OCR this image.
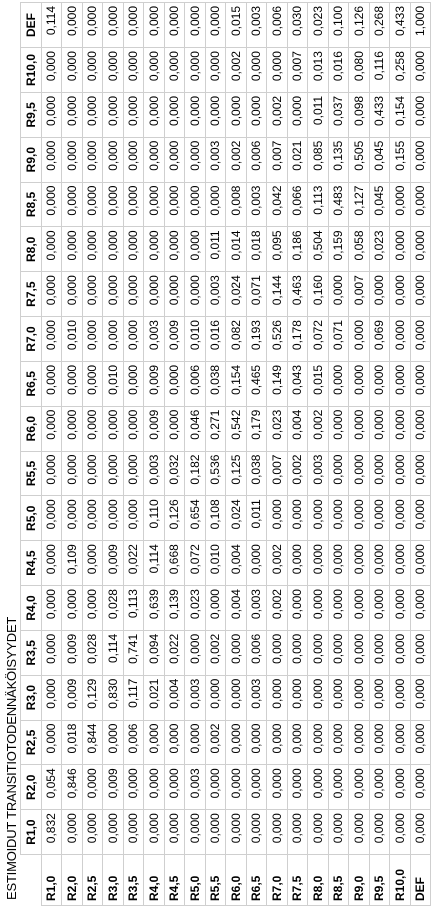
ESTIMOIDUT TRANSITIOTODENNÄKÖISYYDET
	R1,0	R2,0	R2,5	R3,0	R3,5	R4,0	R4,5	R5,0	R5,5	R6,0	R6,5	R7,0	R7,5	R8,0	R8,5	R9,0	R9,5	R10,0	DEF
R1,0	0,832	0,054	0,000	0,000	0,000	0,000	0,000	0,000	0,000	0,000	0,000	0,000	0,000	0,000	0,000	0,000	0,000	0,000	0,114
R2,0	0,000	0,846	0,018	0,009	0,009	0,000	0,109	0,000	0,000	0,000	0,000	0,010	0,000	0,000	0,000	0,000	0,000	0,000	0,000
R2,5	0,000	0,000	0,844	0,129	0,028	0,000	0,000	0,000	0,000	0,000	0,000	0,000	0,000	0,000	0,000	0,000	0,000	0,000	0,000
R3,0	0,000	0,009	0,000	0,830	0,114	0,028	0,009	0,000	0,000	0,000	0,010	0,000	0,000	0,000	0,000	0,000	0,000	0,000	0,000
R3,5	0,000	0,000	0,006	0,117	0,741	0,113	0,022	0,000	0,000	0,000	0,000	0,000	0,000	0,000	0,000	0,000	0,000	0,000	0,000
R4,0	0,000	0,000	0,000	0,021	0,094	0,639	0,114	0,110	0,003	0,009	0,009	0,003	0,000	0,000	0,000	0,000	0,000	0,000	0,000
R4,5	0,000	0,000	0,000	0,004	0,022	0,139	0,668	0,126	0,032	0,000	0,000	0,009	0,000	0,000	0,000	0,000	0,000	0,000	0,000
R5,0	0,000	0,003	0,000	0,003	0,000	0,023	0,072	0,654	0,182	0,046	0,006	0,010	0,000	0,000	0,000	0,000	0,000	0,000	0,000
R5,5	0,000	0,000	0,002	0,000	0,002	0,000	0,010	0,108	0,536	0,271	0,038	0,016	0,003	0,011	0,000	0,003	0,000	0,000	0,000
R6,0	0,000	0,000	0,000	0,000	0,000	0,004	0,004	0,024	0,125	0,542	0,154	0,082	0,024	0,014	0,008	0,002	0,000	0,002	0,015
R6,5	0,000	0,000	0,000	0,003	0,006	0,003	0,000	0,011	0,038	0,179	0,465	0,193	0,071	0,018	0,003	0,006	0,000	0,000	0,003
R7,0	0,000	0,000	0,000	0,000	0,000	0,002	0,002	0,000	0,007	0,023	0,149	0,526	0,144	0,095	0,042	0,007	0,002	0,000	0,006
R7,5	0,000	0,000	0,000	0,000	0,000	0,000	0,000	0,000	0,002	0,004	0,043	0,178	0,463	0,186	0,066	0,021	0,000	0,007	0,030
R8,0	0,000	0,000	0,000	0,000	0,000	0,000	0,000	0,000	0,003	0,002	0,015	0,072	0,160	0,504	0,113	0,085	0,011	0,013	0,023
R8,5	0,000	0,000	0,000	0,000	0,000	0,000	0,000	0,000	0,000	0,000	0,000	0,071	0,000	0,159	0,483	0,135	0,037	0,016	0,100
R9,0	0,000	0,000	0,000	0,000	0,000	0,000	0,000	0,000	0,000	0,000	0,000	0,000	0,007	0,058	0,127	0,505	0,098	0,080	0,126
R9,5	0,000	0,000	0,000	0,000	0,000	0,000	0,000	0,000	0,000	0,000	0,000	0,069	0,000	0,023	0,045	0,045	0,433	0,116	0,268
R10,0	0,000	0,000	0,000	0,000	0,000	0,000	0,000	0,000	0,000	0,000	0,000	0,000	0,000	0,000	0,000	0,155	0,154	0,258	0,433
DEF	0,000	0,000	0,000	0,000	0,000	0,000	0,000	0,000	0,000	0,000	0,000	0,000	0,000	0,000	0,000	0,000	0,000	0,000	1,000
